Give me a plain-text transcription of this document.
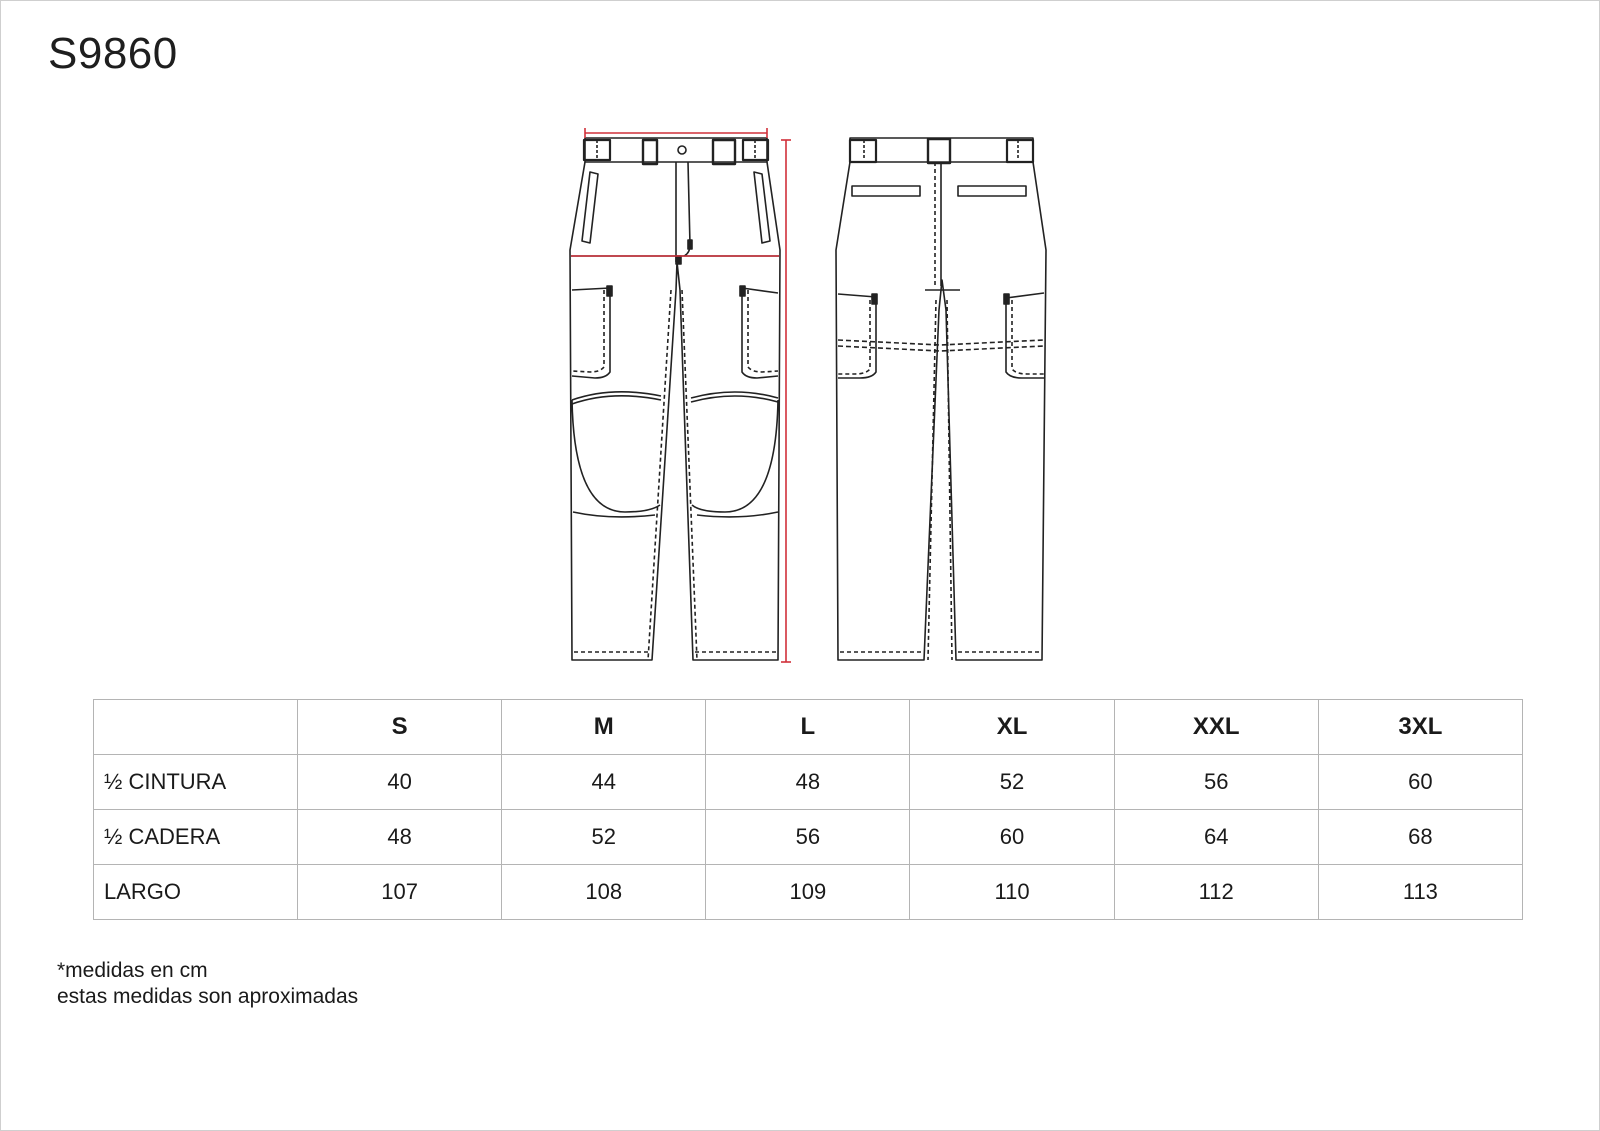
S9860
	S	M	L	XL	XXL	3XL
½ CINTURA	40	44	48	52	56	60
½ CADERA	48	52	56	60	64	68
LARGO	107	108	109	110	112	113
*medidas en cm
estas medidas son aproximadas
